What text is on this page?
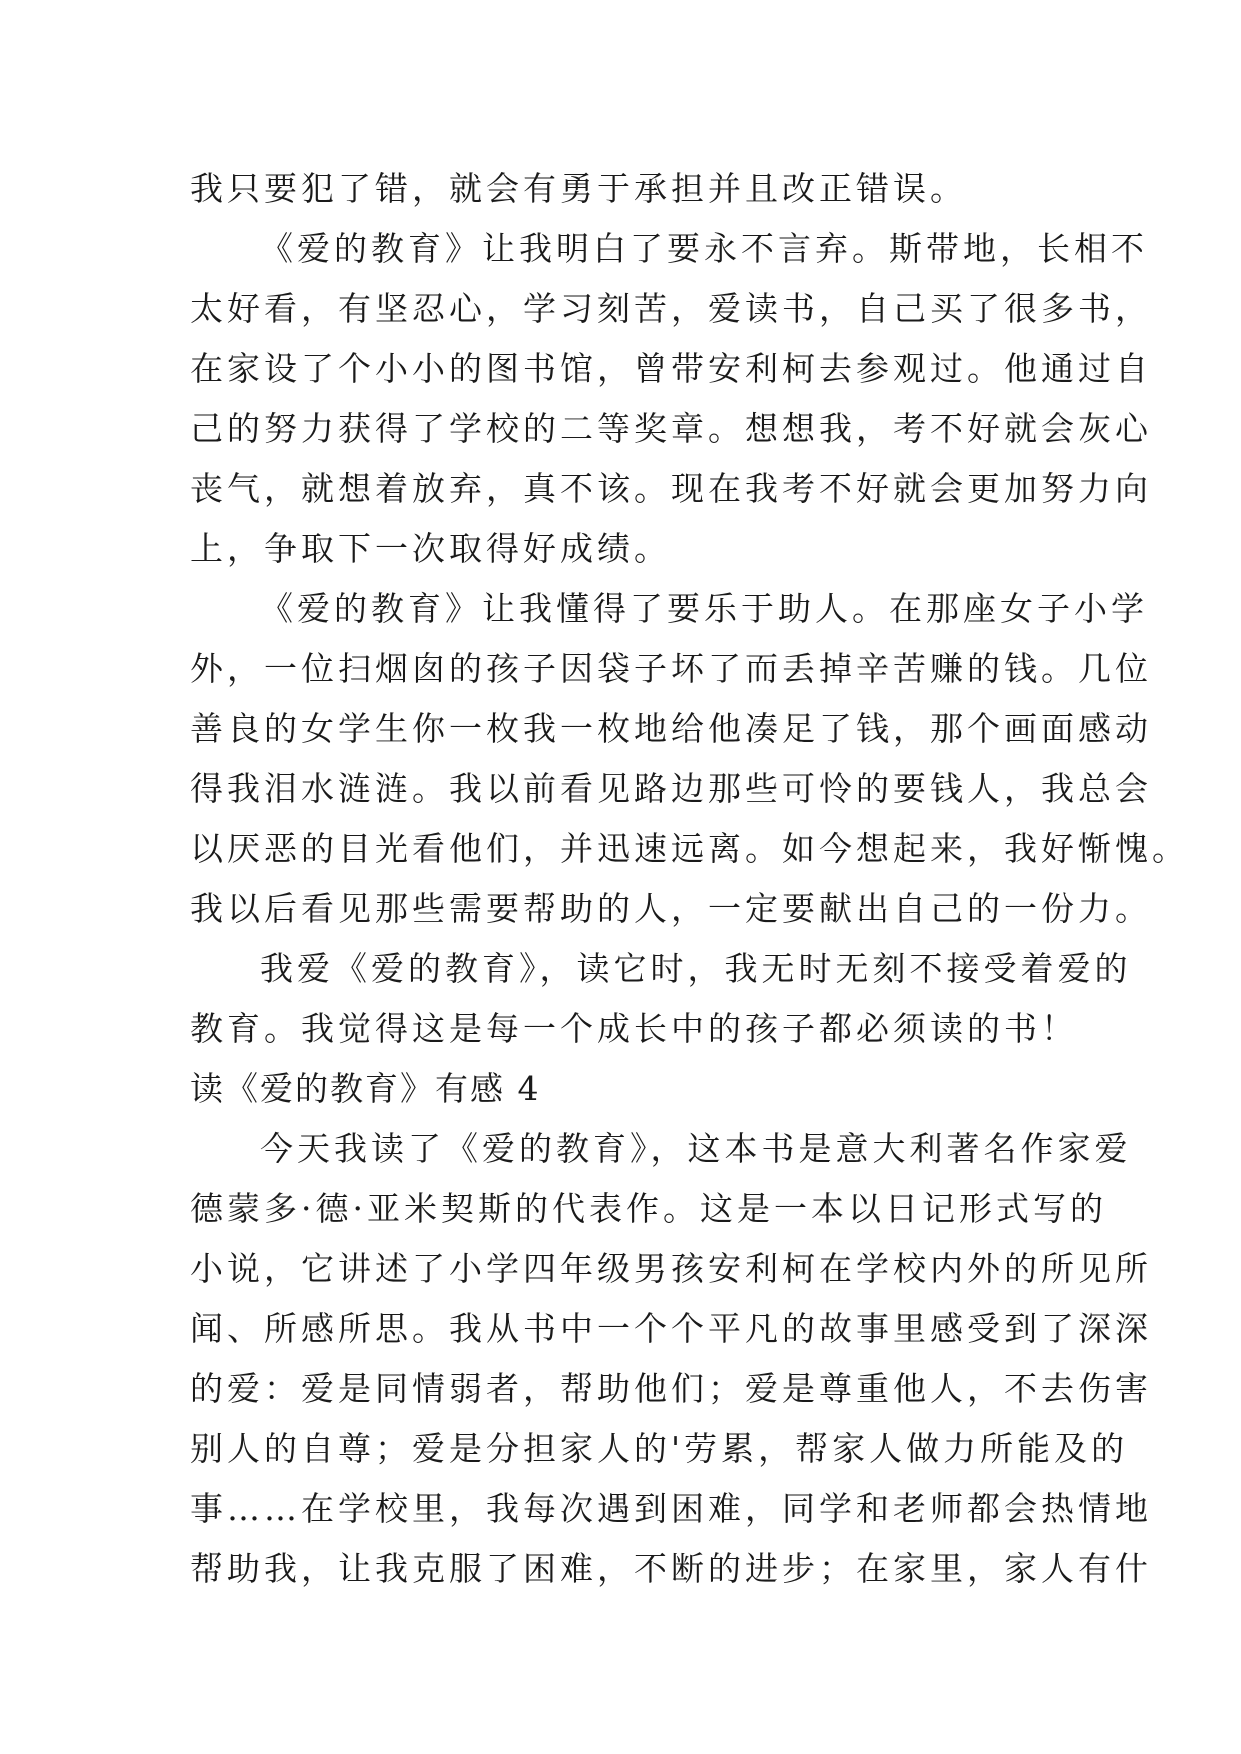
我只要犯了错，就会有勇于承担并且改正错误。
《爱的教育》让我明白了要永不言弃。斯带地，长相不
太好看，有坚忍心，学习刻苦，爱读书，自己买了很多书，
在家设了个小小的图书馆，曾带安利柯去参观过。他通过自
己的努力获得了学校的二等奖章。想想我，考不好就会灰心
丧气，就想着放弃，真不该。现在我考不好就会更加努力向
上，争取下一次取得好成绩。
《爱的教育》让我懂得了要乐于助人。在那座女子小学
外，一位扫烟囱的孩子因袋子坏了而丢掉辛苦赚的钱。几位
善良的女学生你一枚我一枚地给他凑足了钱，那个画面感动
得我泪水涟涟。我以前看见路边那些可怜的要钱人，我总会
以厌恶的目光看他们，并迅速远离。如今想起来，我好惭愧。
我以后看见那些需要帮助的人，一定要献出自己的一份力。
我爱《爱的教育》，读它时，我无时无刻不接受着爱的
教育。我觉得这是每一个成长中的孩子都必须读的书！
读《爱的教育》有感 4
今天我读了《爱的教育》，这本书是意大利著名作家爱
德蒙多·德·亚米契斯的代表作。这是一本以日记形式写的
小说，它讲述了小学四年级男孩安利柯在学校内外的所见所
闻、所感所思。我从书中一个个平凡的故事里感受到了深深
的爱：爱是同情弱者，帮助他们；爱是尊重他人，不去伤害
别人的自尊；爱是分担家人的'劳累，帮家人做力所能及的
事……在学校里，我每次遇到困难，同学和老师都会热情地
帮助我，让我克服了困难，不断的进步；在家里，家人有什
